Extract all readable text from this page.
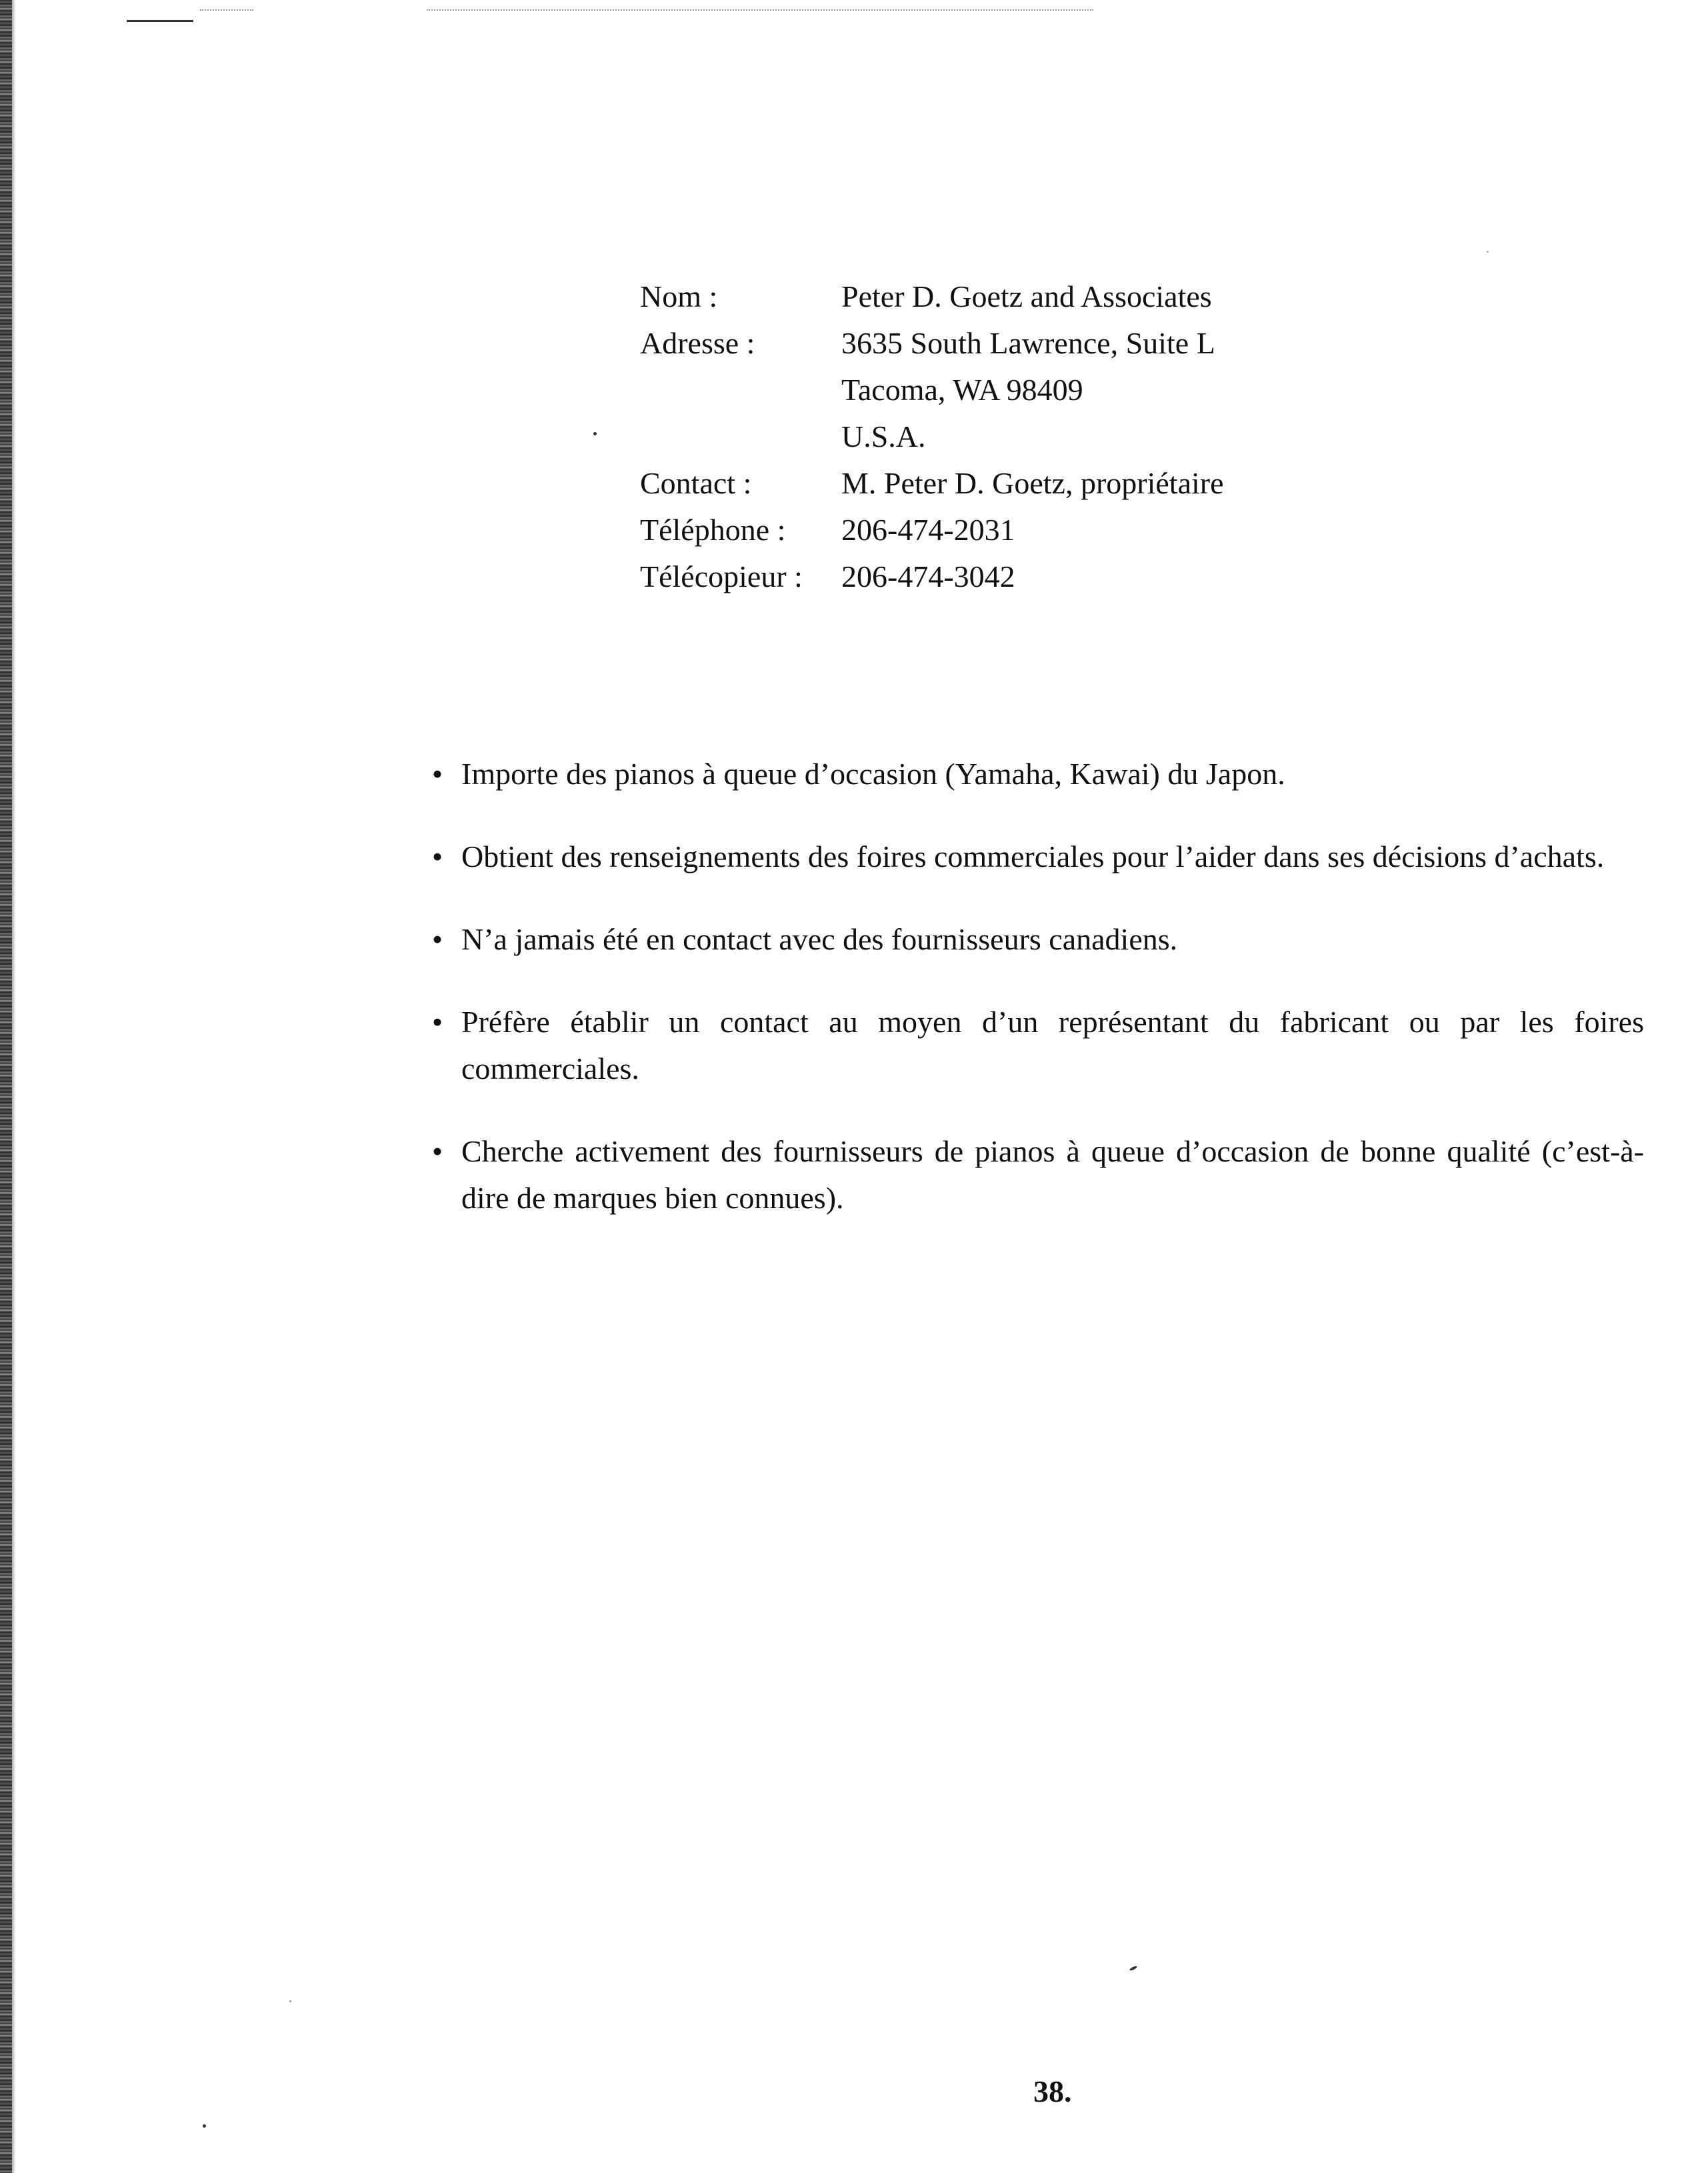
Nom :	Peter D. Goetz and Associates
Adresse :	3635 South Lawrence, Suite L
Tacoma, WA 98409
U.S.A.
Contact :	M. Peter D. Goetz, propriétaire
Téléphone : 206-474-2031
Télécopieur : 206-474-3042
• Importe des pianos à queue d’occasion (Yamaha, Kawai) du Japon.
• Obtient des renseignements des foires commerciales pour l’aider dans ses décisions d’achats.
• N’a jamais été en contact avec des fournisseurs canadiens.
• Préfère établir un contact au moyen d’un représentant du fabricant ou par les foires commerciales.
• Cherche activement des fournisseurs de pianos à queue d’occasion de bonne qualité (c’est-à-dire de marques bien connues).
38.
